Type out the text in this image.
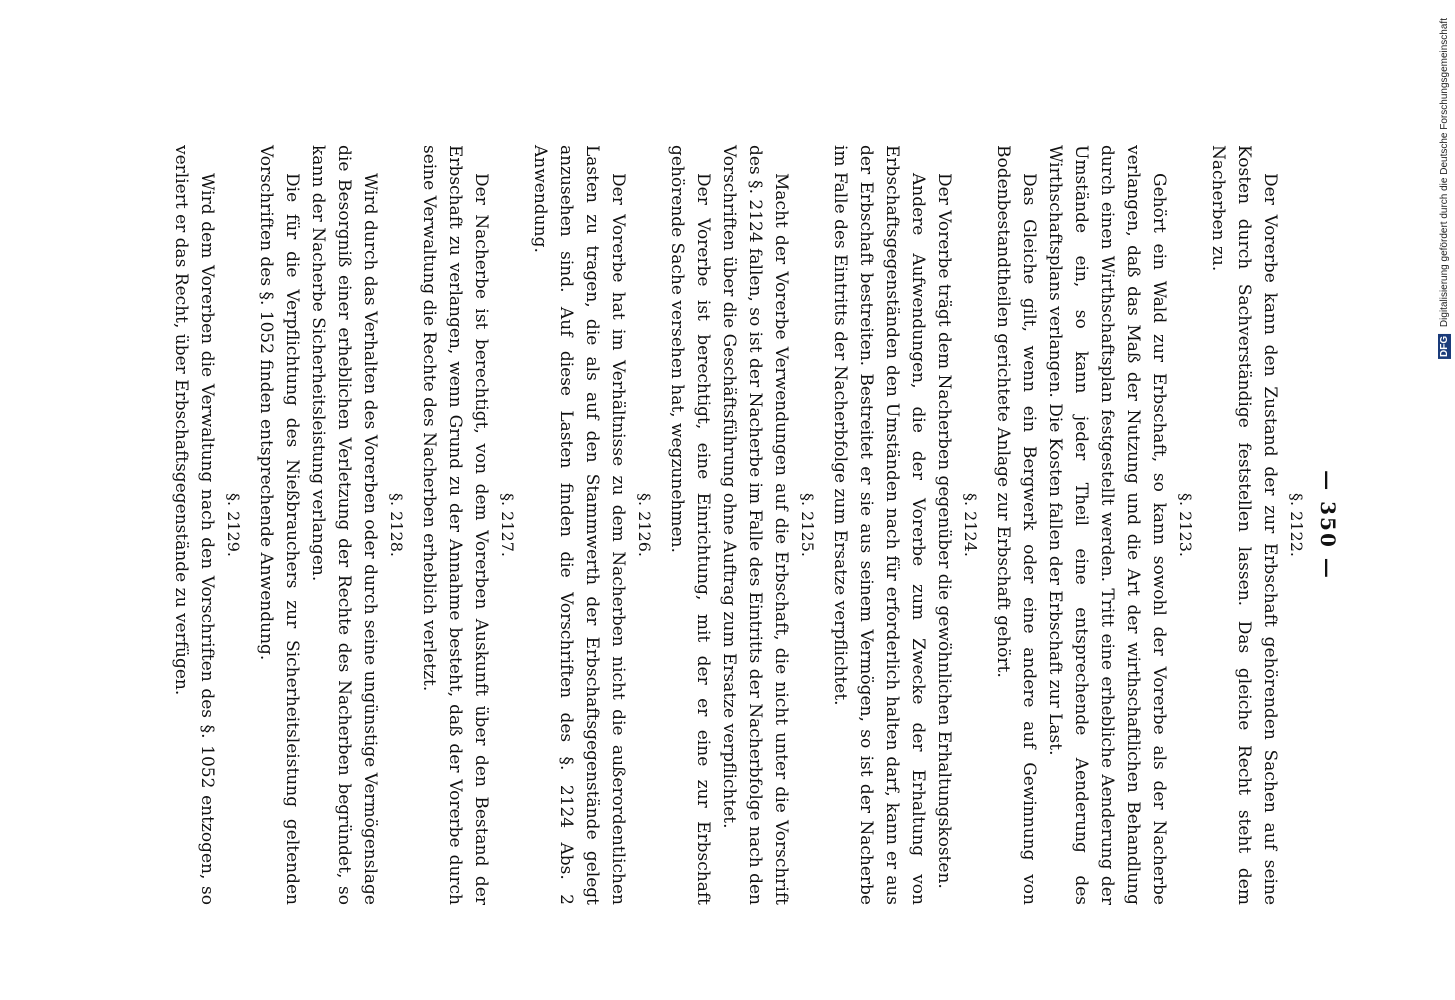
— 350 —
§. 2122.

Der Vorerbe kann den Zustand der zur Erbschaft gehörenden Sachen auf seine Kosten durch Sachverständige feststellen lassen. Das gleiche Recht steht dem Nacherben zu.

§. 2123.

Gehört ein Wald zur Erbschaft, so kann sowohl der Vorerbe als der Nacherbe verlangen, daß das Maß der Nutzung und die Art der wirthschaftlichen Behandlung durch einen Wirthschaftsplan festgestellt werden. Tritt eine erhebliche Aenderung der Umstände ein, so kann jeder Theil eine entsprechende Aenderung des Wirthschaftsplans verlangen. Die Kosten fallen der Erbschaft zur Last.

Das Gleiche gilt, wenn ein Bergwerk oder eine andere auf Gewinnung von Bodenbestandtheilen gerichtete Anlage zur Erbschaft gehört.

§. 2124.

Der Vorerbe trägt dem Nacherben gegenüber die gewöhnlichen Erhaltungskosten.

Andere Aufwendungen, die der Vorerbe zum Zwecke der Erhaltung von Erbschaftsgegenständen den Umständen nach für erforderlich halten darf, kann er aus der Erbschaft bestreiten. Bestreitet er sie aus seinem Vermögen, so ist der Nacherbe im Falle des Eintritts der Nacherbfolge zum Ersatze verpflichtet.

§. 2125.

Macht der Vorerbe Verwendungen auf die Erbschaft, die nicht unter die Vorschrift des §. 2124 fallen, so ist der Nacherbe im Falle des Eintritts der Nacherbfolge nach den Vorschriften über die Geschäftsführung ohne Auftrag zum Ersatze verpflichtet.

Der Vorerbe ist berechtigt, eine Einrichtung, mit der er eine zur Erbschaft gehörende Sache versehen hat, wegzunehmen.

§. 2126.

Der Vorerbe hat im Verhältnisse zu dem Nacherben nicht die außerordentlichen Lasten zu tragen, die als auf den Stammwerth der Erbschaftsgegenstände gelegt anzusehen sind. Auf diese Lasten finden die Vorschriften des §. 2124 Abs. 2 Anwendung.

§. 2127.

Der Nacherbe ist berechtigt, von dem Vorerben Auskunft über den Bestand der Erbschaft zu verlangen, wenn Grund zu der Annahme besteht, daß der Vorerbe durch seine Verwaltung die Rechte des Nacherben erheblich verletzt.

§. 2128.

Wird durch das Verhalten des Vorerben oder durch seine ungünstige Vermögenslage die Besorgniß einer erheblichen Verletzung der Rechte des Nacherben begründet, so kann der Nacherbe Sicherheitsleistung verlangen.

Die für die Verpflichtung des Nießbrauchers zur Sicherheitsleistung geltenden Vorschriften des §. 1052 finden entsprechende Anwendung.

§. 2129.

Wird dem Vorerben die Verwaltung nach den Vorschriften des §. 1052 entzogen, so verliert er das Recht, über Erbschaftsgegenstände zu verfügen.	DFG Digitalisierung gefördert durch die Deutsche Forschungsgemeinschaft
